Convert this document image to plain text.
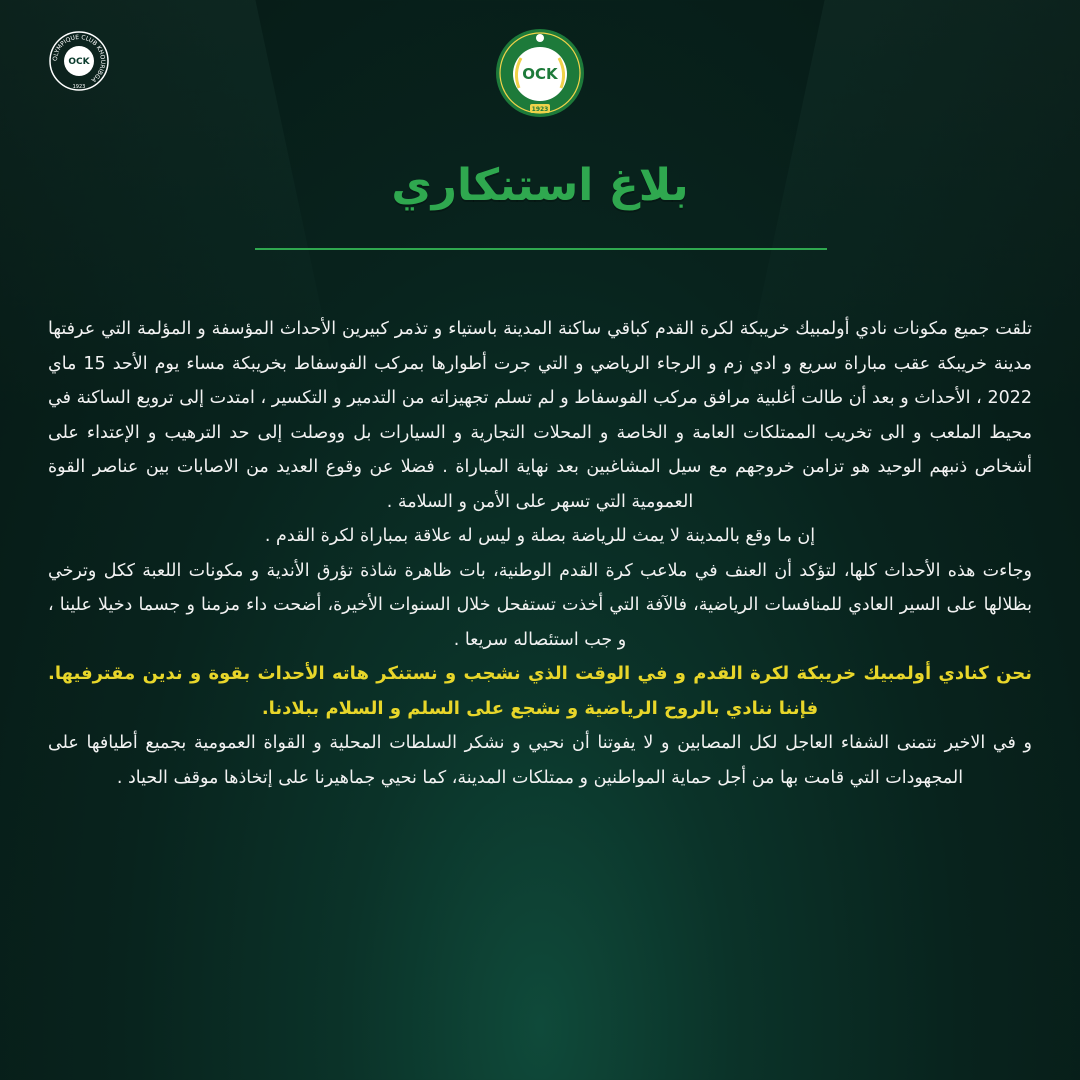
OLYMPIQUE CLUB KHOURIBGA
OCK
1923
OCK
1923
بلاغ استنكاري

تلقت جميع مكونات نادي أولمبيك خريبكة لكرة القدم كباقي ساكنة المدينة باستياء و تذمر كبيرين الأحداث المؤسفة و المؤلمة التي عرفتها مدينة خريبكة عقب مباراة سريع و ادي زم و الرجاء الرياضي و التي جرت أطوارها بمركب الفوسفاط بخريبكة مساء يوم الأحد 15 ماي 2022 ، الأحداث و بعد أن طالت أغلبية مرافق مركب الفوسفاط و لم تسلم تجهيزاته من التدمير و التكسير ، امتدت إلى ترويع الساكنة في محيط الملعب و الى تخريب الممتلكات العامة و الخاصة و المحلات التجارية و السيارات بل ووصلت إلى حد الترهيب و الإعتداء على أشخاص ذنبهم الوحيد هو تزامن خروجهم مع سيل المشاغبين بعد نهاية المباراة . فضلا عن وقوع العديد من الاصابات بين عناصر القوة العمومية التي تسهر على الأمن و السلامة .

إن ما وقع بالمدينة لا يمث للرياضة بصلة و ليس له علاقة بمباراة لكرة القدم .

وجاءت هذه الأحداث كلها، لتؤكد أن العنف في ملاعب كرة القدم الوطنية، بات ظاهرة شاذة تؤرق الأندية و مكونات اللعبة ككل وترخي بظلالها على السير العادي للمنافسات الرياضية، فالآفة التي أخذت تستفحل خلال السنوات الأخيرة، أضحت داء مزمنا و جسما دخيلا علينا ، و جب استئصاله سريعا .

نحن كنادي أولمبيك خريبكة لكرة القدم و في الوقت الذي نشجب و نستنكر هاته الأحداث بقوة و ندين مقترفيها. فإننا ننادي بالروح الرياضية و نشجع على السلم و السلام ببلادنا.

و في الاخير نتمنى الشفاء العاجل لكل المصابين و لا يفوتنا أن نحيي و نشكر السلطات المحلية و القواة العمومية بجميع أطيافها على المجهودات التي قامت بها من أجل حماية المواطنين و ممتلكات المدينة، كما نحيي جماهيرنا على إتخاذها موقف الحياد .
